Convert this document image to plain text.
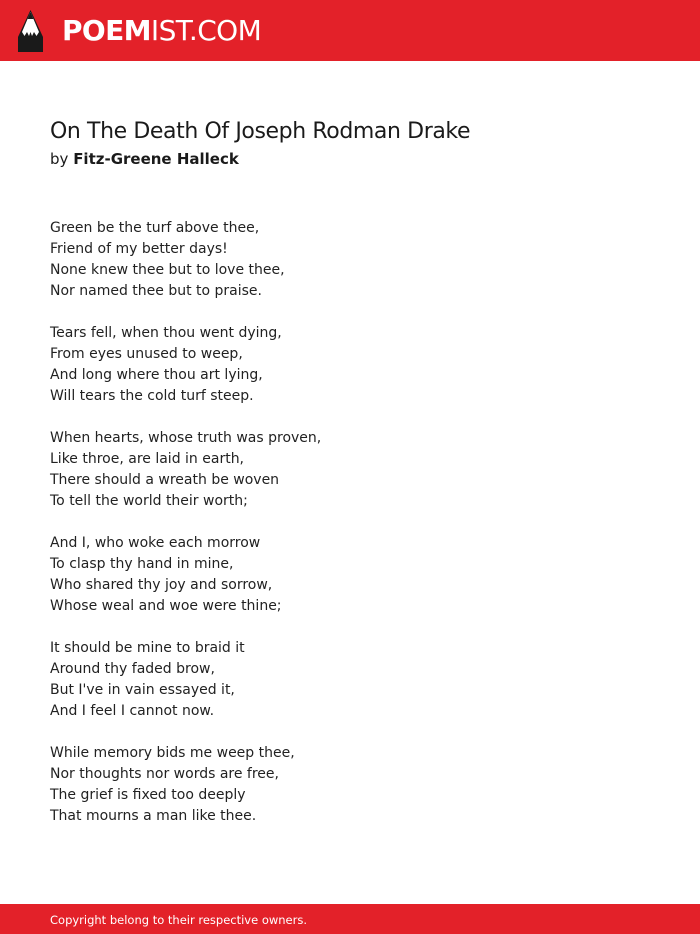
POEMIST.COM
On The Death Of Joseph Rodman Drake
by Fitz-Greene Halleck
Green be the turf above thee,
Friend of my better days!
None knew thee but to love thee,
Nor named thee but to praise.
Tears fell, when thou went dying,
From eyes unused to weep,
And long where thou art lying,
Will tears the cold turf steep.
When hearts, whose truth was proven,
Like throe, are laid in earth,
There should a wreath be woven
To tell the world their worth;
And I, who woke each morrow
To clasp thy hand in mine,
Who shared thy joy and sorrow,
Whose weal and woe were thine;
It should be mine to braid it
Around thy faded brow,
But I've in vain essayed it,
And I feel I cannot now.
While memory bids me weep thee,
Nor thoughts nor words are free,
The grief is fixed too deeply
That mourns a man like thee.
Copyright belong to their respective owners.
